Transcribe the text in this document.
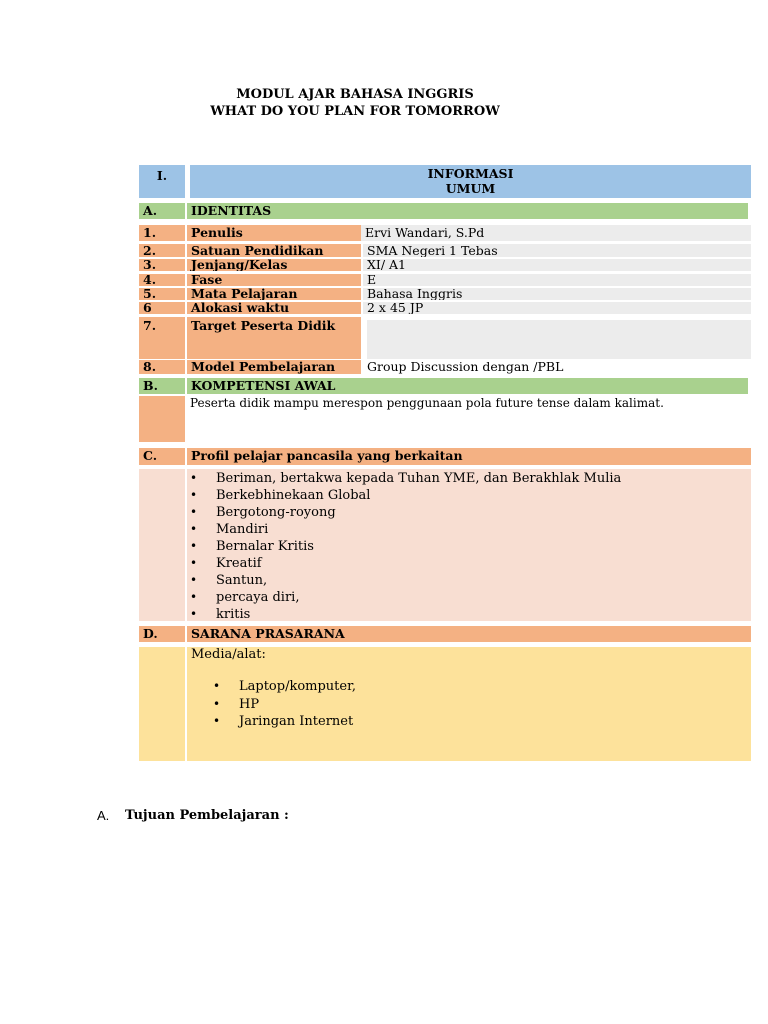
MODUL AJAR BAHASA INGGRIS
WHAT DO YOU PLAN FOR TOMORROW
I.	INFORMASI
UMUM
A.	IDENTITAS
1.	Penulis	Ervi Wandari, S.Pd
2.	Satuan Pendidikan	SMA Negeri 1 Tebas
3.	Jenjang/Kelas	XI/ A1
4.	Fase	E
5.	Mata Pelajaran	Bahasa Inggris
6	Alokasi waktu	2 x 45 JP
7.	Target Peserta Didik
8.	Model Pembelajaran	Group Discussion dengan /PBL
B.	KOMPETENSI AWAL
Peserta didik mampu merespon penggunaan pola future tense dalam kalimat.
C.	Profil pelajar pancasila yang berkaitan
• Beriman, bertakwa kepada Tuhan YME, dan Berakhlak Mulia
• Berkebhinekaan Global
• Bergotong-royong
• Mandiri
• Bernalar Kritis
• Kreatif
• Santun,
• percaya diri,
• kritis
D.	SARANA PRASARANA
Media/alat:
• Laptop/komputer,
• HP
• Jaringan Internet
A. Tujuan Pembelajaran :
